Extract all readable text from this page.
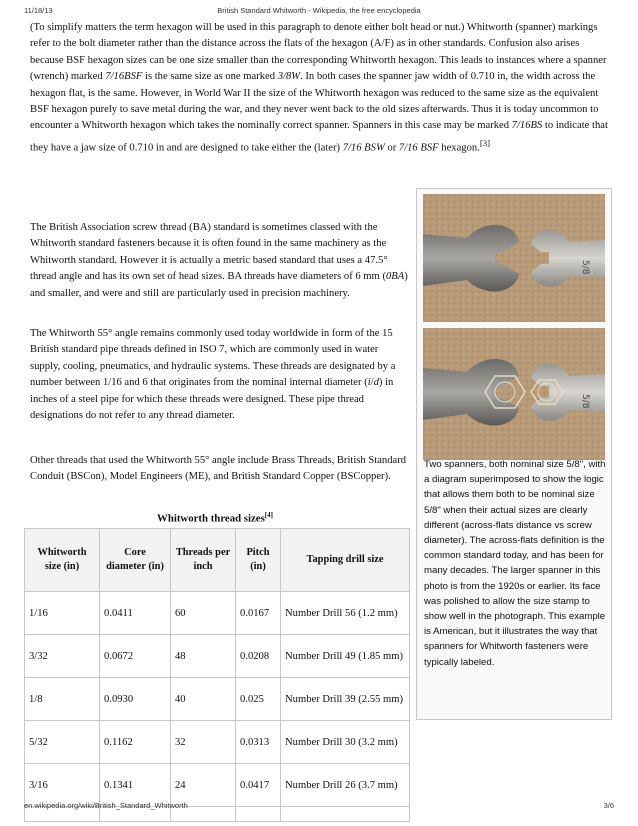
11/18/13	British Standard Whitworth - Wikipedia, the free encyclopedia

(To simplify matters the term hexagon will be used in this paragraph to denote either bolt head or nut.) Whitworth (spanner) markings refer to the bolt diameter rather than the distance across the flats of the hexagon (A/F) as in other standards. Confusion also arises because BSF hexagon sizes can be one size smaller than the corresponding Whitworth hexagon. This leads to instances where a spanner (wrench) marked 7/16BSF is the same size as one marked 3/8W. In both cases the spanner jaw width of 0.710 in, the width across the hexagon flat, is the same. However, in World War II the size of the Whitworth hexagon was reduced to the same size as the equivalent BSF hexagon purely to save metal during the war, and they never went back to the old sizes afterwards. Thus it is today uncommon to encounter a Whitworth hexagon which takes the nominally correct spanner. Spanners in this case may be marked 7/16BS to indicate that they have a jaw size of 0.710 in and are designed to take either the (later) 7/16 BSW or 7/16 BSF hexagon.[3]

The British Association screw thread (BA) standard is sometimes classed with the Whitworth standard fasteners because it is often found in the same machinery as the Whitworth standard. However it is actually a metric based standard that uses a 47.5° thread angle and has its own set of head sizes. BA threads have diameters of 6 mm (0BA) and smaller, and were and still are particularly used in precision machinery.

The Whitworth 55° angle remains commonly used today worldwide in form of the 15 British standard pipe threads defined in ISO 7, which are commonly used in water supply, cooling, pneumatics, and hydraulic systems. These threads are designated by a number between 1/16 and 6 that originates from the nominal internal diameter (i/d) in inches of a steel pipe for which these threads were designed. These pipe thread designations do not refer to any thread diameter.

Other threads that used the Whitworth 55° angle include Brass Threads, British Standard Conduit (BSCon), Model Engineers (ME), and British Standard Copper (BSCopper).

5/8
5/8
Two spanners, both nominal size 5/8", with a diagram superimposed to show the logic that allows them both to be nominal size 5/8" when their actual sizes are clearly different (across-flats distance vs screw diameter). The across-flats definition is the common standard today, and has been for many decades. The larger spanner in this photo is from the 1920s or earlier. Its face was polished to allow the size stamp to show well in the photograph. This example is American, but it illustrates the way that spanners for Whitworth fasteners were typically labeled.
Whitworth thread sizes[4]
Whitworth size (in)	Core diameter (in)	Threads per inch	Pitch (in)	Tapping drill size
1/16	0.0411	60	0.0167	Number Drill 56 (1.2 mm)
3/32	0.0672	48	0.0208	Number Drill 49 (1.85 mm)
1/8	0.0930	40	0.025	Number Drill 39 (2.55 mm)
5/32	0.1162	32	0.0313	Number Drill 30 (3.2 mm)
3/16	0.1341	24	0.0417	Number Drill 26 (3.7 mm)

en.wikipedia.org/wiki/British_Standard_Whitworth	3/6
